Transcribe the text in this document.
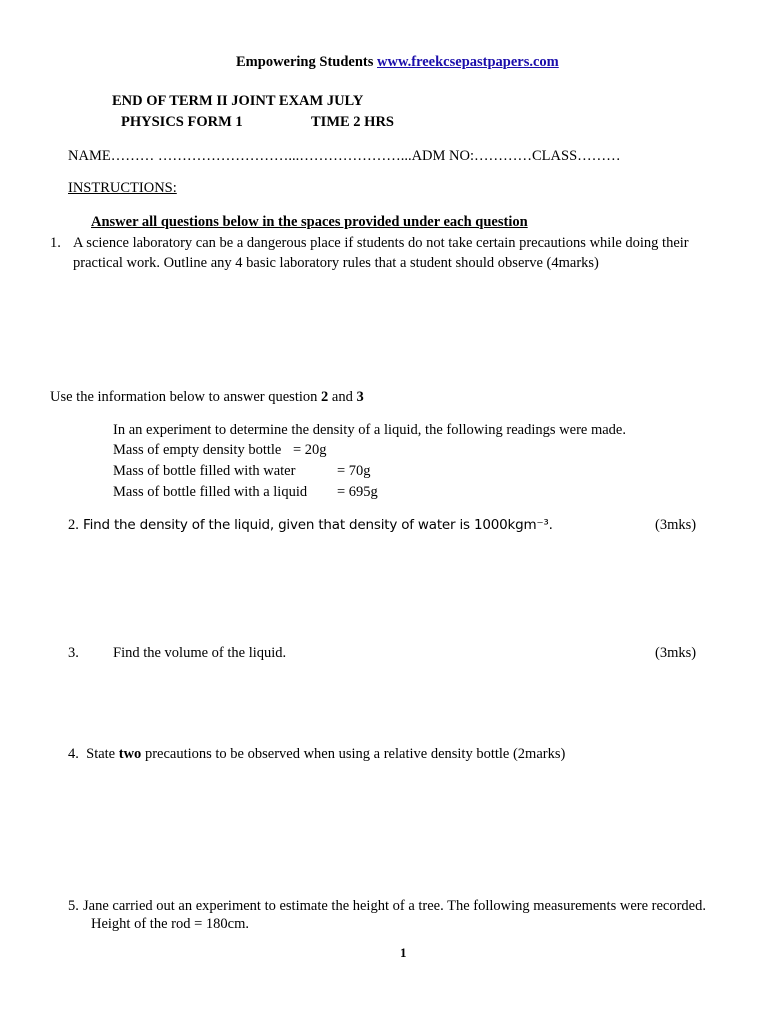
Empowering Students www.freekcsepastpapers.com
END OF TERM II JOINT EXAM JULY
PHYSICS FORM 1	TIME 2 HRS
NAME……… ………………………...…………………...ADM NO:…………CLASS………
INSTRUCTIONS:
Answer all questions below in the spaces provided under each question
1. A science laboratory can be a dangerous place if students do not take certain precautions while doing their
practical work. Outline any 4 basic laboratory rules that a student should observe (4marks)
Use the information below to answer question 2 and 3
In an experiment to determine the density of a liquid, the following readings were made.
Mass of empty density bottle = 20g
Mass of bottle filled with water	= 70g
Mass of bottle filled with a liquid = 695g
2. Find the density of the liquid, given that density of water is 1000kgm⁻³.	(3mks)
3. Find the volume of the liquid.	(3mks)
4. State two precautions to be observed when using a relative density bottle (2marks)
5. Jane carried out an experiment to estimate the height of a tree. The following measurements were recorded.
Height of the rod = 180cm.
1
